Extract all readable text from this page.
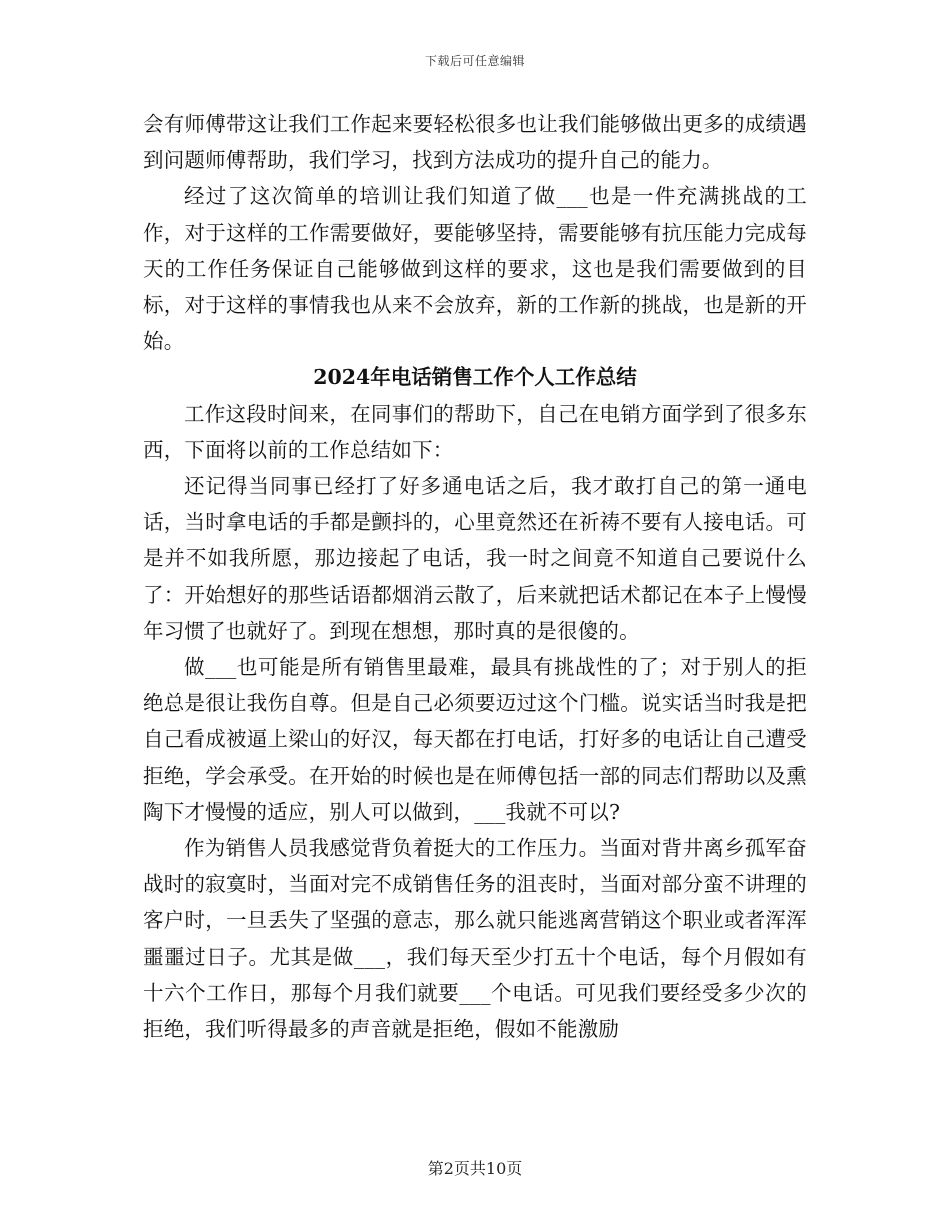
下载后可任意编辑

会有师傅带这让我们工作起来要轻松很多也让我们能够做出更多的成绩遇到问题师傅帮助，我们学习，找到方法成功的提升自己的能力。

经过了这次简单的培训让我们知道了做___也是一件充满挑战的工作，对于这样的工作需要做好，要能够坚持，需要能够有抗压能力完成每天的工作任务保证自己能够做到这样的要求，这也是我们需要做到的目标，对于这样的事情我也从来不会放弃，新的工作新的挑战，也是新的开始。

2024年电话销售工作个人工作总结

工作这段时间来，在同事们的帮助下，自己在电销方面学到了很多东西，下面将以前的工作总结如下：

还记得当同事已经打了好多通电话之后，我才敢打自己的第一通电话，当时拿电话的手都是颤抖的，心里竟然还在祈祷不要有人接电话。可是并不如我所愿，那边接起了电话，我一时之间竟不知道自己要说什么了：开始想好的那些话语都烟消云散了，后来就把话术都记在本子上慢慢年习惯了也就好了。到现在想想，那时真的是很傻的。

做___也可能是所有销售里最难，最具有挑战性的了；对于别人的拒绝总是很让我伤自尊。但是自己必须要迈过这个门槛。说实话当时我是把自己看成被逼上梁山的好汉，每天都在打电话，打好多的电话让自己遭受拒绝，学会承受。在开始的时候也是在师傅包括一部的同志们帮助以及熏陶下才慢慢的适应，别人可以做到，___我就不可以?

作为销售人员我感觉背负着挺大的工作压力。当面对背井离乡孤军奋战时的寂寞时，当面对完不成销售任务的沮丧时，当面对部分蛮不讲理的客户时，一旦丢失了坚强的意志，那么就只能逃离营销这个职业或者浑浑噩噩过日子。尤其是做___，我们每天至少打五十个电话，每个月假如有十六个工作日，那每个月我们就要___个电话。可见我们要经受多少次的拒绝，我们听得最多的声音就是拒绝，假如不能激励

第2页共10页
